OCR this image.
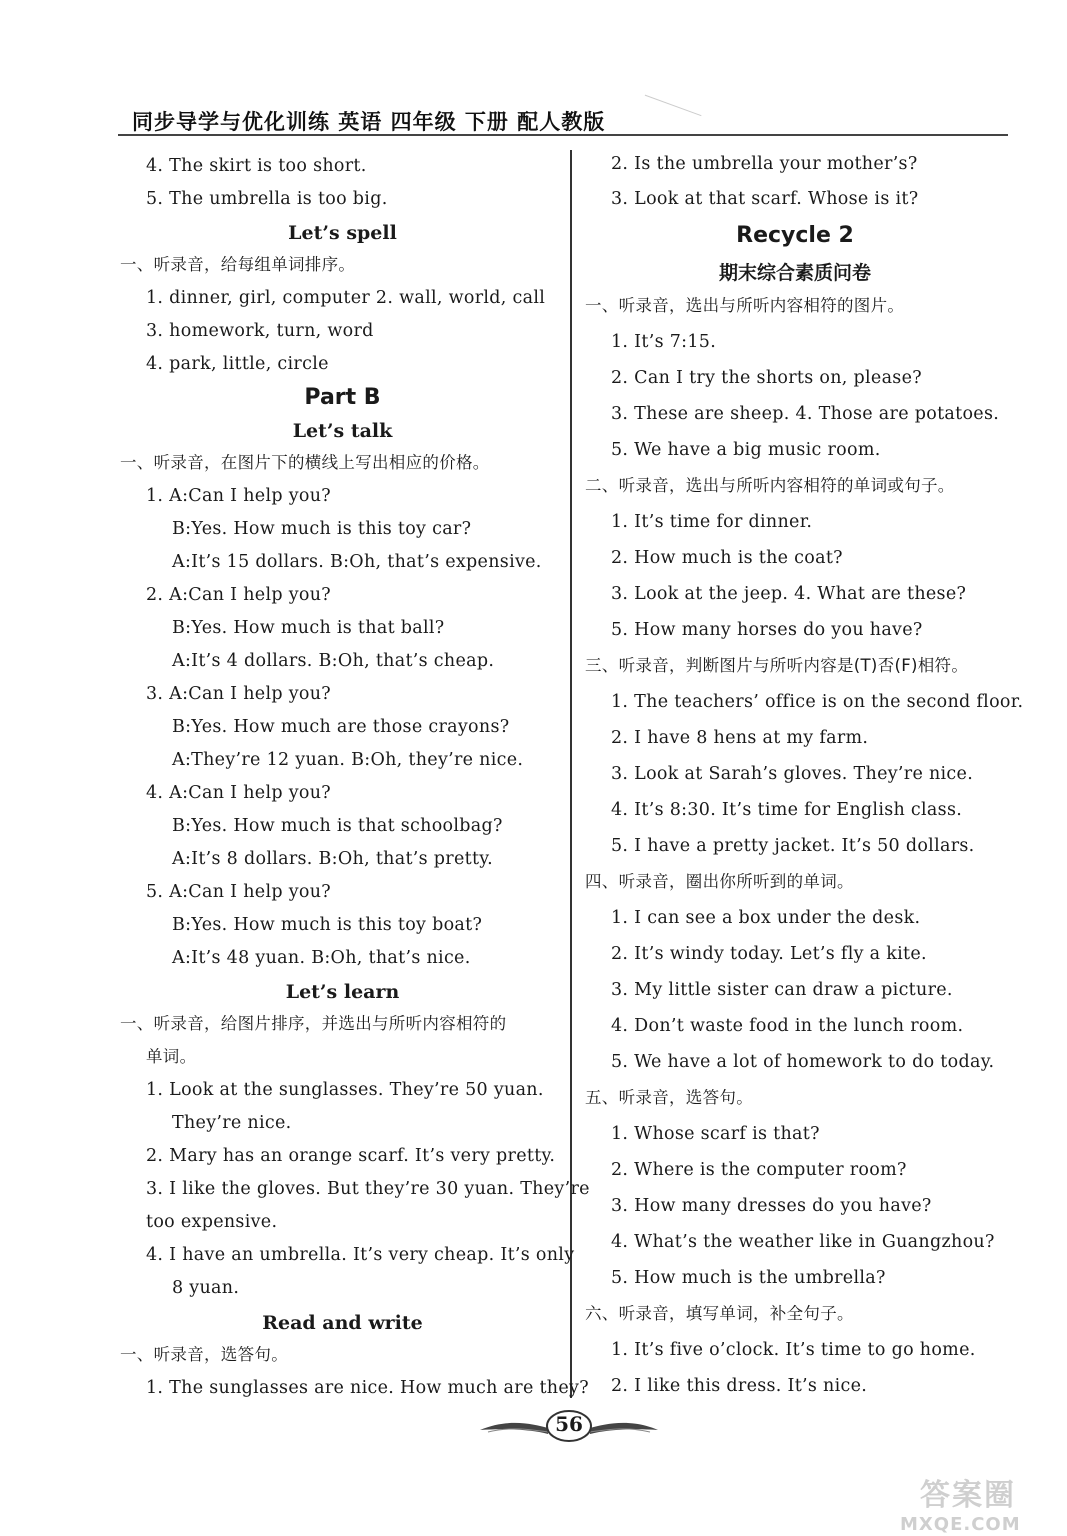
同步导学与优化训练 英语 四年级 下册 配人教版
4. The skirt is too short.
5. The umbrella is too big.
Let’s spell
一、听录音，给每组单词排序。
1. dinner, girl, computer 2. wall, world, call
3. homework, turn, word
4. park, little, circle
Part B
Let’s talk
一、听录音，在图片下的横线上写出相应的价格。
1. A:Can I help you?
B:Yes. How much is this toy car?
A:It’s 15 dollars. B:Oh, that’s expensive.
2. A:Can I help you?
B:Yes. How much is that ball?
A:It’s 4 dollars. B:Oh, that’s cheap.
3. A:Can I help you?
B:Yes. How much are those crayons?
A:They’re 12 yuan. B:Oh, they’re nice.
4. A:Can I help you?
B:Yes. How much is that schoolbag?
A:It’s 8 dollars. B:Oh, that’s pretty.
5. A:Can I help you?
B:Yes. How much is this toy boat?
A:It’s 48 yuan. B:Oh, that’s nice.
Let’s learn
一、听录音，给图片排序，并选出与所听内容相符的
单词。
1. Look at the sunglasses. They’re 50 yuan.
They’re nice.
2. Mary has an orange scarf. It’s very pretty.
3. I like the gloves. But they’re 30 yuan. They’re
too expensive.
4. I have an umbrella. It’s very cheap. It’s only
8 yuan.
Read and write
一、听录音，选答句。
1. The sunglasses are nice. How much are they?
2. Is the umbrella your mother’s?
3. Look at that scarf. Whose is it?
Recycle 2
期末综合素质问卷
一、听录音，选出与所听内容相符的图片。
1. It’s 7:15.
2. Can I try the shorts on, please?
3. These are sheep. 4. Those are potatoes.
5. We have a big music room.
二、听录音，选出与所听内容相符的单词或句子。
1. It’s time for dinner.
2. How much is the coat?
3. Look at the jeep. 4. What are these?
5. How many horses do you have?
三、听录音，判断图片与所听内容是(T)否(F)相符。
1. The teachers’ office is on the second floor.
2. I have 8 hens at my farm.
3. Look at Sarah’s gloves. They’re nice.
4. It’s 8:30. It’s time for English class.
5. I have a pretty jacket. It’s 50 dollars.
四、听录音，圈出你所听到的单词。
1. I can see a box under the desk.
2. It’s windy today. Let’s fly a kite.
3. My little sister can draw a picture.
4. Don’t waste food in the lunch room.
5. We have a lot of homework to do today.
五、听录音，选答句。
1. Whose scarf is that?
2. Where is the computer room?
3. How many dresses do you have?
4. What’s the weather like in Guangzhou?
5. How much is the umbrella?
六、听录音，填写单词，补全句子。
1. It’s five o’clock. It’s time to go home.
2. I like this dress. It’s nice.
56
答案圈
MXQE.COM
